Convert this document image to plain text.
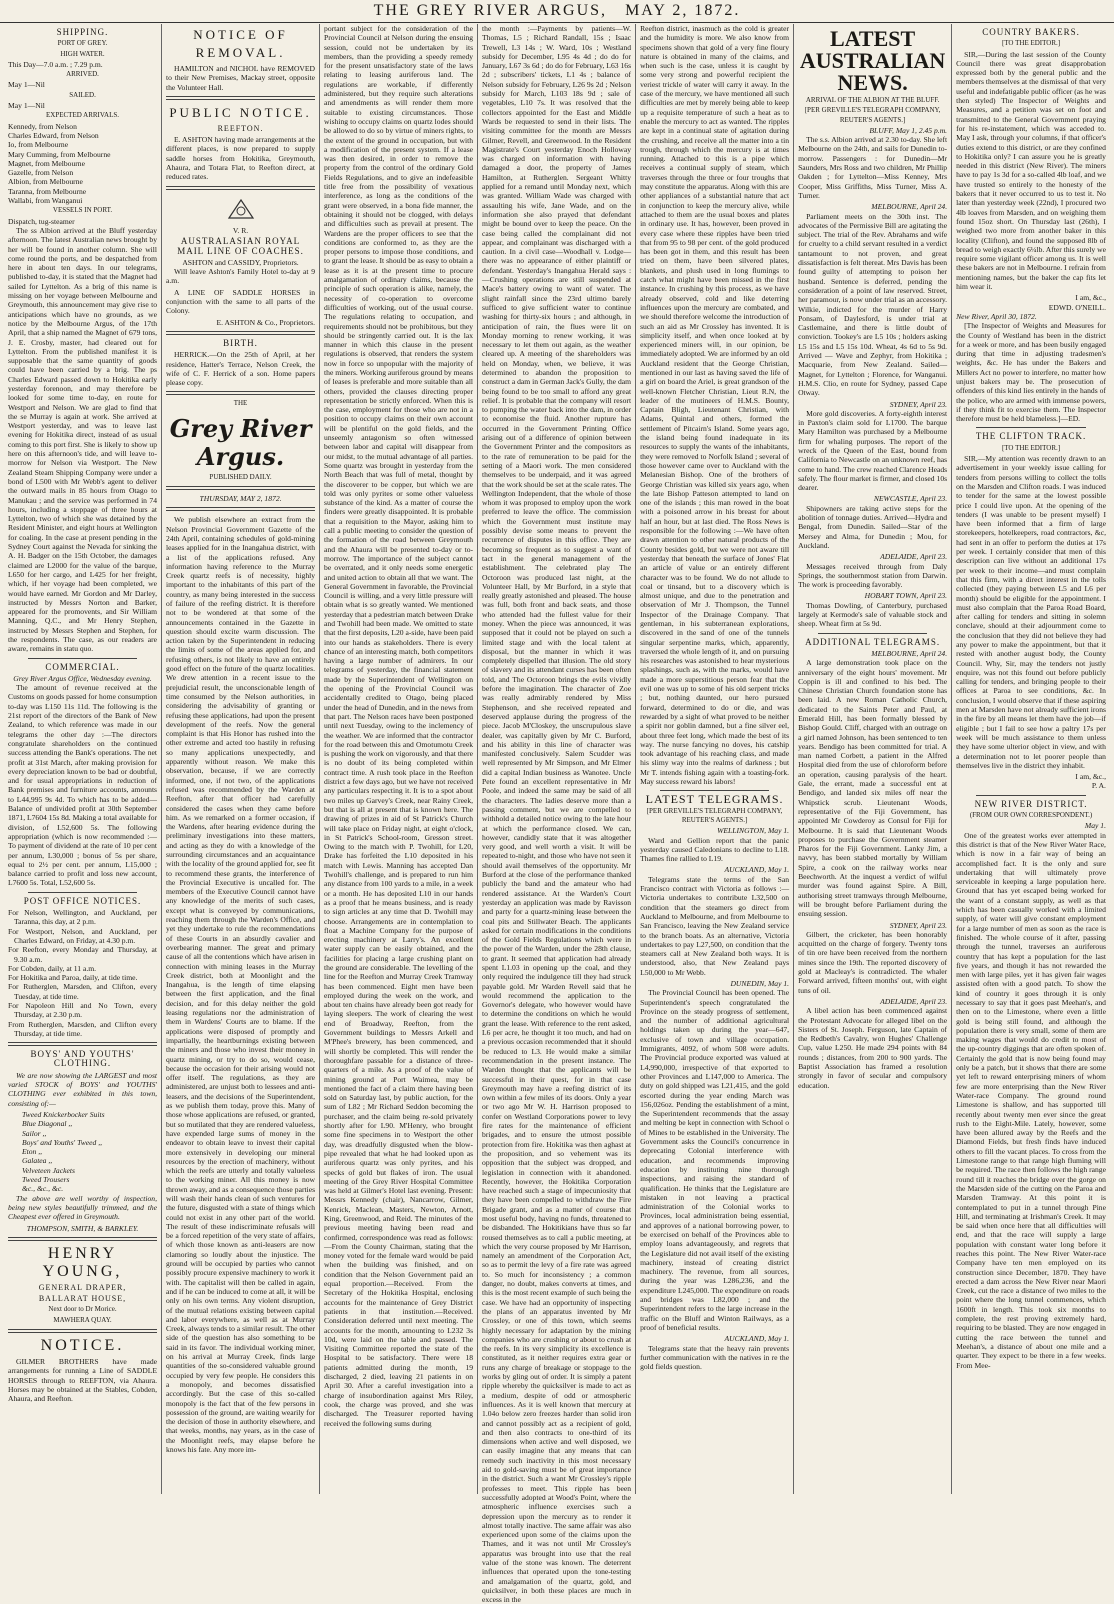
THE GREY RIVER ARGUS, MAY 2, 1872.
SHIPPING.
PORT OF GREY.
HIGH WATER.
This Day—7.0 a.m. ; 7.29 p.m.
ARRIVED.
May 1—Nil
SAILED.
May 1—Nil
EXPECTED ARRIVALS.
Kennedy, from Nelson
Charles Edward, from Nelson
Io, from Melbourne
Mary Cumming, from Melbourne
Magnet, from Melbourne
Gazelle, from Nelson
Albion, from Melbourne
Taranna, from Melbourne
Wallabi, from Wanganui
VESSELS IN PORT.
Dispatch, tug-steamer

The ss Albion arrived at the Bluff yesterday afternoon. The latest Australian news brought by her will be found in another column. She will come round the ports, and be despatched from here in about ten days. In our telegrams, published to-day, it is stated that the Magnet had sailed for Lyttelton. As a brig of this name is missing on her voyage between Melbourne and Greymouth, this announcement may give rise to anticipations which have no grounds, as we notice by the Melbourne Argus, of the 17th April, that a ship named the Magnet of 679 tons, J. E. Crosby, master, had cleared out for Lyttelton. From the published manifest it is supposable that the same quantity of goods could have been carried by a brig. The ps Charles Edward passed down to Hokitika early yesterday forenoon, and may therefore be looked for some time to-day, en route for Westport and Nelson. We are glad to find that the se Murray is again at work. She arrived at Westport yesterday, and was to leave last evening for Hokitika direct, instead of as usual coming to this port first. She is likely to show up here on this afternoon's tide, and will leave to-morrow for Nelson via Westport. The New Zealand Steam Shipping Company were under a bond of L500 with Mr Webb's agent to deliver the outward mails in 85 hours from Otago to Manukau ; and the service was performed in 74 hours, including a stoppage of three hours at Lyttelton, two of which she was detained by the Resident Minister, and eight hours at Wellington for coaling. In the case at present pending in the Sydney Court against the Nevada for sinking the A. H. Badger on the 15th October, the damages claimed are L2000 for the value of the barque, L650 for her cargo, and L425 for her freight, which, if her voyage had been completed, we would have earned. Mr Gordon and Mr Darley, instructed by Messrs Norton and Barker, appeared for the promovents, and Sir William Manning, Q.C., and Mr Henry Stephen, instructed by Messrs Stephen and Stephen, for the respondents. The case, as our readers are aware, remains in statu quo.

COMMERCIAL.
Grey River Argus Office, Wednesday evening.

The amount of revenue received at the Customs on goods passed for home consumption to-day was L150 11s 11d. The following is the 21st report of the directors of the Bank of New Zealand, to which reference was made in our telegrams the other day :—The directors congratulate shareholders on the continued success attending the Bank's operations. The net profit at 31st March, after making provision for every depreciation known to be bad or doubtful, and for usual appropriations in reduction of Bank premises and furniture accounts, amounts to L44,995 9s 4d. To which has to be added—Balance of undivided profit at 30th September 1871, L7604 15s 8d. Making a total available for division, of L52,600 5s. The following appropriation (which is now recommended :—To payment of dividend at the rate of 10 per cent per annum, L30,000 ; bonus of 5s per share, equal to 2½ per cent. per annum, L15,000 ; balance carried to profit and loss new account, L7600 5s. Total, L52,600 5s.

POST OFFICE NOTICES.
For Nelson, Wellington, and Auckland, per Taranna, this day, at 2 p.m.
For Westport, Nelson, and Auckland, per Charles Edward, on Friday, at 4.30 p.m.
For Reefton, every Monday and Thursday, at 9.30 a.m.
For Cobden, daily, at 11 a.m.
For Hokitika and Paroa, daily, at tide time.
For Rutherglen, Marsden, and Clifton, every Tuesday, at tide time.
For Napoleon Hill and No Town, every Thursday, at 2.30 p.m.
From Rutherglen, Marsden, and Clifton every Thursday, at tide time.
BOYS' AND YOUTHS' CLOTHING.

We are now showing the LARGEST and most varied STOCK of BOYS' and YOUTHS' CLOTHING ever exhibited in this town, consisting of:—

Tweed Knickerbocker Suits
Blue Diagonal ,,
Sailor ,,
Boys' and Youths' Tweed ,,
Eton ,,
Galatea ,,
Velveteen Jackets
Tweed Trousers
&c., &c., &c.

The above are well worthy of inspection, being new styles beautifully trimmed, and the Cheapest ever offered in Greymouth.

THOMPSON, SMITH, & BARKLEY.
HENRY YOUNG,
GENERAL DRAPER,
BALLARAT HOUSE,
Next door to Dr Morice.
MAWHERA QUAY.
NOTICE.

GILMER BROTHERS have made arrangements for running a Line of SADDLE HORSES through to REEFTON, via Ahaura. Horses may be obtained at the Stables, Cobden, Ahaura, and Reefton.

NOTICE OF REMOVAL.

HAMILTON and NICHOL have REMOVED to their New Premises, Mackay street, opposite the Volunteer Hall.

PUBLIC NOTICE.
REEFTON.

E. ASHTON having made arrangements at the different places, is now prepared to supply saddle horses from Hokitika, Greymouth, Ahaura, and Totara Flat, to Reefton direct, at reduced rates.

V. R.
AUSTRALASIAN ROYAL MAIL LINE OF COACHES.
ASHTON and CASSIDY, Proprietors.

Will leave Ashton's Family Hotel to-day at 9 a.m.

A LINE OF SADDLE HORSES in conjunction with the same to all parts of the Colony.

E. ASHTON & Co., Proprietors.
BIRTH.

HERRICK.—On the 25th of April, at her residence, Hatter's Terrace, Nelson Creek, the wife of C. F. Herrick of a son. Home papers please copy.

THE
Grey River Argus.
PUBLISHED DAILY.
THURSDAY, MAY 2, 1872.

We publish elsewhere an extract from the Nelson Provincial Government Gazette of the 24th April, containing schedules of gold-mining leases applied for in the Inangahua district, with a list of the applications refused. Any information having reference to the Murray Creek quartz reefs is of necessity, highly important to the inhabitants of this part of the country, as many being interested in the success of failure of the reefing district. It is therefore not to be wondered at that some of the announcements contained in the Gazette in question should excite warm discussion. The action taken by the Superintendent in reducing the limits of some of the areas applied for, and refusing others, is not likely to have an entirely good effect on the future of the quartz localities. We drew attention in a recent issue to the prejudicial result, the unconscionable length of time consumed by the Nelson authorities, in considering the advisability of granting or refusing these applications, had upon the present development of the reefs. Now the general complaint is that His Honor has rushed into the other extreme and acted too hastily in refusing so many applications unexpectedly, and apparently without reason. We make this observation, because, if we are correctly informed, one, if not two, of the applications refused was recommended by the Warden at Reefton, after that officer had carefully considered the cases when they came before him. As we remarked on a former occasion, if the Wardens, after hearing evidence during the preliminary investigations into these matters, and acting as they do with a knowledge of the surrounding circumstances and an acquaintance with the locality of the ground applied for, see fit to recommend these grants, the interference of the Provincial Executive is uncalled for. The members of the Executive Council cannot have any knowledge of the merits of such cases, except what is conveyed by communications, reaching them through the Warden's Office, and yet they undertake to rule the recommendations of these Courts in an absurdly cavalier and overbearing manner. The great and primary cause of all the contentions which have arisen in connection with mining leases in the Murray Creek district, both at Moonlight and the Inangahua, is the length of time elapsing between the first application, and the final decision, and for this delay neither the gold leasing regulations nor the administration of them in Wardens' Courts are to blame. If the applications were disposed of promptly and impartially, the heartburnings existing between the miners and those who invest their money in quartz mining, or try to do so, would cease, because the occasion for their arising would not offer itself. The regulations, as they are administered, are unjust both to lessees and anti-leasers, and the decisions of the Superintendent, as we publish them today, prove this. Many of those whose applications are refused, or granted, but so mutilated that they are rendered valueless, have expended large sums of money in the endeavor to obtain leave to invest their capital more extensively in developing our mineral resources by the erection of machinery, without which the reefs are utterly and totally valueless to the working miner. All this money is now thrown away, and as a consequence those parties will wash their hands clean of such ventures for the future, disgusted with a state of things which could not exist in any other part of the world. The result of these indiscriminate refusals will be a forced repetition of the very state of affairs, of which those known as anti-leasers are now clamoring so loudly about the injustice. The ground will be occupied by parties who cannot possibly procure expensive machinery to work it with. The capitalist will then be called in again, and if he can be induced to come at all, it will be only on his own terms. Any violent disruption, of the mutual relations existing between capital and labor everywhere, as well as at Murray Creek, always tends to a similar result. The other side of the question has also something to be said in its favor. The individual working miner, on his arrival at Murray Creek, finds large quantities of the so-considered valuable ground occupied by very few people. He considers this a monopoly, and becomes dissatisfied accordingly. But the case of this so-called monopoly is the fact that of the few persons in possession of the ground, are waiting wearily for the decision of those in authority elsewhere, and that weeks, months, nay years, as in the case of the Moonlight reefs, may elapse before he knows his fate. Any more im-

portant subject for the consideration of the Provincial Council at Nelson during the ensuing session, could not be undertaken by its members, than the providing a speedy remedy for the present unsatisfactory state of the laws relating to leasing auriferous land. The regulations are workable, if differently administered, but they require such alterations and amendments as will render them more suitable to existing circumstances. Those wishing to occupy claims on quartz lodes should be allowed to do so by virtue of miners rights, to the extent of the ground in occupation, but with a modification of the present system. If a lease was then desired, in order to remove the property from the control of the ordinary Gold Fields Regulations, and to give an indefeasible title free from the possibility of vexatious interference, as long as the conditions of the grant were observed, in a bona fide manner, the obtaining it should not be clogged, with delays and difficulties such as prevail at present. The Wardens are the proper officers to see that the conditions are conformed to, as they are the proper persons to impose those conditions, and to grant the lease. It should be as easy to obtain a lease as it is at the present time to procure amalgamation of ordinary claims, because the principle of such operation is alike, namely, the necessity of co-operation to overcome difficulties of working, out of the usual course. The regulations relating to occupation, and requirements should not be prohibitous, but they should be stringently carried out. It is the lax manner in which this clause in the present regulations is observed, that renders the system now in force so unpopular with the majority of the miners. Working auriferous ground by means of leases is preferable and more suitable than all others, provided the clauses directing proper representation be strictly enforced. When this is the case, employment for those who are not in a position to occupy claims on their own account will be plentiful on the gold fields, and the unseemly antagonism so often witnessed between labor and capital will disappear from our midst, to the mutual advantage of all parties. Some quartz was brought in yesterday from the North Beach that was full of metal, thought by the discoverer to be copper, but which we are told was only pyrites or some other valueless substance of the kind. As a matter of course the finders were greatly disappointed. It is probable that a requisition to the Mayor, asking him to call a public meeting to consider the question of the formation of the road between Greymouth and the Ahaura will be presented to-day or to-morrow. The importance of the subject cannot be overrated, and it only needs some energetic and united action to obtain all that we want. The General Government in favorable, the Provincial Council is willing, and a very little pressure will obtain what is so greatly wanted. We mentioned yesterday that a pedestrian match between Drake and Twohill had been made. We omitted to state that the first deposits, L20 a-side, have been paid into our hands as stakeholders. There is every chance of an interesting match, both competitors having a large number of admirers. In our telegrams of yesterday, the financial statement made by the Superintendent of Wellington on the opening of the Provincial Council was accidentally credited to Otago, being placed under the head of Dunedin, and in the news from that part. The Nelson races have been postponed until next Tuesday, owing to the inclemency of the weather. We are informed that the contractor for the road between this and Omotumotu Creek is pushing the work on vigorously, and that there is no doubt of its being completed within contract time. A rush took place in the Reefton district a few days ago, but we have not received any particulars respecting it. It is to a spot about two miles up Garvey's Creek, near Rainy Creek, but that is all at present that is known here. The drawing of prizes in aid of St Patrick's Church will take place on Friday night, at eight o'clock, in St Patrick's School-room, Gresson street. Owing to the match with P. Twohill, for L20, Drake has forfeited the L10 deposited in his match with Lewis. Manning has accepted Dan Twohill's challenge, and is prepared to run him any distance from 100 yards to a mile, in a week or a month. He has deposited L10 in our hands as a proof that he means business, and is ready to sign articles at any time that D. Twohill may choose. Arrangements are in contemplation to float a Machine Company for the purpose of erecting machinery at Larry's. An excellent water supply can be easily obtained, and the facilities for placing a large crushing plant on the ground are considerable. The levelling of the line for the Reefton and Murray Creek Tramway has been commenced. Eight men have been employed during the week on the work, and about ten chains have already been got ready for laying sleepers. The work of clearing the west end of Broadway, Reefton, from the Government buildings to Messrs Arkell and M'Phee's brewery, has been commenced, and will shortly be completed. This will render the thoroughfare passable for a distance of three-quarters of a mile. As a proof of the value of mining ground at Port Waimea, may be mentioned the fact of a claim there having been sold on Saturday last, by public auction, for the sum of L82 ; Mr Richard Seddon becoming the purchaser, and the claim being re-sold privately shortly after for L90. M'Henry, who brought some fine specimens in to Westport the other day, was dreadfully disgusted when the blow-pipe revealed that what he had looked upon as auriferous quartz was only pyrites, and his specks of gold but flakes of iron. The usual meeting of the Grey River Hospital Committee was held at Gilmer's Hotel last evening. Present: Messrs Kennedy (chair), Nancarrow, Gilmer, Kenrick, Maclean, Masters, Newton, Arnott, King, Greenwood, and Reid. The minutes of the previous meeting having been read and confirmed, correspondence was read as follows: —From the County Chairman, stating that the money voted for the female ward would be paid when the building was finished, and on condition that the Nelson Government paid an equal proportion.—Received. From the Secretary of the Hokitika Hospital, enclosing accounts for the maintenance of Grey District patients in that institution.—Received. Consideration deferred until next meeting. The accounts for the month, amounting to L232 3s 10d, were laid on the table and passed. The Visiting Committee reported the state of the Hospital to be satisfactory. There were 18 patients admitted during the month, 19 discharged, 2 died, leaving 21 patients in on April 30. After a careful investigation into a charge of insubordination against Mrs Riley, cook, the charge was proved, and she was discharged. The Treasurer reported having received the following sums during

the month :—Payments by patients—W. Thomas, L5 ; Richard Randall, 15s ; Isaac Trewell, L3 14s ; W. Ward, 10s ; Westland subsidy for December, L95 4s 4d ; do do for January, L67 3s 6d ; do do for February, L63 16s 2d ; subscribers' tickets, L1 4s ; balance of Nelson subsidy for February, L26 9s 2d ; Nelson subsidy for March, L103 18s 9d ; sale of vegetables, L10 7s. It was resolved that the collectors appointed for the East and Middle Wards be requested to send in their lists. The visiting committee for the month are Messrs Gilmer, Revell, and Greenwood. In the Resident Magistrate's Court yesterday Enoch Holloway was charged on information with having damaged a door, the property of James Hamilton, at Rutherglen. Sergeant Whitty applied for a remand until Monday next, which was granted. William Wade was charged with assaulting his wife, Jane Wade, and on the information she also prayed that defendant might be bound over to keep the peace. On the case being called the complainant did not appear, and complainant was discharged with a caution. In a civil case—Woodhall v. Lodge—there was no appearance of either plaintiff or defendant. Yesterday's Inangahua Herald says :—Crushing operations are still suspended at Mace's battery owing to want of water. The slight rainfall since the 23rd ultimo barely sufficed to give sufficient water to continue washing for thirty-six hours ; and although, in anticipation of rain, the flues were lit on Monday morning to renew working, it was necessary to let them out again, as the weather cleared up. A meeting of the shareholders was held on Monday, when, we believe, it was determined to abandon the proposition to construct a dam in German Jack's Gully, the dam being found to be too small to afford any great relief. It is probable that the company will resort to pumping the water back into the dam, in order to economise the fluid. Another rupture has occurred in the Government Printing Office arising out of a difference of opinion between the Government Printer and the compositors as to the rate of remuneration to be paid for the setting of a Maori work. The men considered themselves to be underpaid, and it was agreed that the work should be set at the scale rates. The Wellington Independent, that the whole of those whom it was proposed to employ upon the work preferred to leave the office. The commission which the Government must institute may possibly devise some means to prevent the recurrence of disputes in this office. They are becoming so frequent as to suggest a want of tact in the general management of the establishment. The celebrated play The Octoroon was produced last night, at the Volunteer Hall, by Mr Burford, in a style that really greatly astonished and pleased. The house was full, both front and back seats, and those who attended had the fullest value for their money. When the piece was announced, it was supposed that it could not be played on such a limited stage and with the local talent at disposal, but the manner in which it was completely dispelled that illusion. The old story of slavery and its attendant curses has been often told, and The Octoroon brings the evils vividly before the imagination. The character of Zoe was really admirably rendered by Miss Stephenson, and she received repeated and deserved applause during the progress of the piece. Jacob M'Closkey, the unscrupulous slave dealer, was capitally given by Mr C. Burford, and his ability in this line of character was manifested conclusively. Salem Scudder was well represented by Mr Simpson, and Mr Elmer did a capital Indian business as Wanotee. Uncle Pete found an excellent representative in Mr Poole, and indeed the same may be said of all the characters. The ladies deserve more than a passing comment, but we are compelled to withhold a detailed notice owing to the late hour at which the performance closed. We can, however, candidly state that it was altogether very good, and well worth a visit. It will be repeated to-night, and those who have not seen it should avail themselves of the opportunity. Mr Burford at the close of the performance thanked publicly the band and the amateur who had rendered assistance. At the Warden's Court yesterday an application was made by Ravisson and party for a quartz-mining lease between the coal pits and Stillwater Beach. The applicants asked for certain modifications in the conditions of the Gold Fields Regulations which were in the power of the Warden, under the 28th clause, to grant. It seemed that application had already spent L1.03 in opening up the coal, and they only required the indulgence till they had struck payable gold. Mr Warden Revell said that he would recommend the application to the Governor's delegate, who however would have to determine the conditions on which he would grant the lease. With reference to the rent asked, L6 per acre, he thought it too much, and had on a previous occasion recommended that it should be reduced to L3. He would make a similar recommendation in the present instance. The Warden thought that the applicants will be successful in their quest, for in that case Greymouth may have a reefing district of its own within a few miles of its doors. Only a year or two ago Mr W. H. Harrison proposed to confer on Westland Corporations power to levy fire rates for the maintenance of efficient brigades, and to ensure the utmost possible protection from fire. Hokitika was then aghast at the proposition, and so vehement was its opposition that the subject was dropped, and legislation in connection with it abandoned. Recently, however, the Hokitika Corporation have reached such a stage of impecuniosity that they have been compelled to withdraw the Fire Brigade grant, and as a matter of course that most useful body, having no funds, threatened to be disbanded. The Hokitikians have thus so far roused themselves as to call a public meeting, at which the very course proposed by Mr Harrison, namely an amendment of the Corporation Act, so as to permit the levy of a fire rate was agreed to. So much for inconsistency ; a common danger, no doubt, makes converts at times, and this is the most recent example of such being the case. We have had an opportunity of inspecting the plans of an apparatus invented by Mr Crossley, or one of this town, which seems highly necessary for adaptation by the mining companies who are crushing or about to crush at the reefs. In its very simplicity its excellence is constituted, as it neither requires extra gear or runs any charge of breakage or stoppage to the works by gling out of order. It is simply a patent ripple whereby the quicksilver is made to act as a medium, despite of odd or atmospheric influences. As it is well known that mercury at 1.04o below zero freezes harder than solid iron and cannot possibly act as a recipient of gold, and then also contracts to one-third of its dimensions when active and well disposed, we can easily imagine that any means that can remedy such inactivity in this most necessary aid to gold-saving must be of great importance in the district. Such a want Mr Crossley's ripple professes to meet. This ripple has been successfully adopted at Wood's Point, where the atmospheric influence exercises such a depression upon the mercury as to render it almost totally inactive. The same affair was also experienced upon some of the claims upon the Thames, and it was not until Mr Crossley's apparatus was brought into use that the real value of the stone was known. The deterrent influences that operated upon the tone-testing and amalgamation of the quartz, gold, and quicksilver, in both these places are much in excess in the

Reefton district, inasmuch as the cold is greater and the humidity is more. We also know from specimens shown that gold of a very fine floury nature is obtained in many of the claims, and when such is the case, unless it is caught by some very strong and powerful recipient the veriest trickle of water will carry it away. In the case of the mercury, we have mentioned all such difficulties are met by merely being able to keep up a requisite temperature of such a heat as to enable the mercury to act as wanted. The ripples are kept in a continual state of agitation during the crushing, and receive all the matter into a tin trough, through which the mercury is at times running. Attached to this is a pipe which receives a continual supply of steam, which traverses through the three or four troughs that may constitute the apparatus. Along with this are other appliances of a substantial nature that act in conjunction to keep the mercury alive, while attached to them are the usual boxes and plates in ordinary use. It has, however, been proved in every case where these ripples have been tried that from 95 to 98 per cent. of the gold produced has been got in them, and this result has been tried on them, have been silvered plates, blankets, and plush used in long flumings to catch what might have been missed in the first instance. In crushing by this process, as we have already observed, cold and like deterring influences upon the mercury are combated, and we should therefore welcome the introduction of such an aid as Mr Crossley has invented. It is simplicity itself, and when once looked at by experienced miners will, in our opinion, be immediately adopted. We are informed by an old Auckland resident that the George Christian, mentioned in our last as having saved the life of a girl on board the Ariel, is great grandson of the well-known Fletcher Christian, Lieut R.N, the leader of the mutineers of H.M.S. Bounty, Captain Bligh, Lieutenant Christian, with Adams, Quintal and others, formed the settlement of Pitcairn's Island. Some years ago, the island being found inadequate in its resources to supply the wants of the inhabitants, they were removed to Norfolk Island ; several of those however came over to Auckland with the Melanesian Bishop. One of the brothers of George Christian was killed six years ago, when the late Bishop Patteson attempted to land on one of the islands ; this man rowed in the boat with a poisoned arrow in his breast for about half an hour, but at last died. The Ross News is responsible for the following :—We have often drawn attention to other natural products of the County besides gold, but we were not aware till yesterday that beneath the surface of Jones' Flat an article of value or an entirely different character was to be found. We do not allude to coal or tinsand, but to a discovery which is almost unique, and due to the penetration and observation of Mr J. Thompson, the Tunnel Inspector of the Drainage Company. That gentleman, in his subterranean explorations, discovered in the sand of one of the tunnels singular serpentine marks, which, apparently, traversed the whole length of it, and on pursuing his researches was astonished to hear mysterious splashings, such as, with the marks, would have made a more superstitious person fear that the evil one was up to some of his old serpent tricks ; but, nothing daunted, our hero pursued forward, determined to do or die, and was rewarded by a sight of what proved to be neither a spirit nor goblin damned, but a fine silver eel, about three feet long, which made the best of its way. The nurse fancying no doves, his catship took advantage of his reaching class, and made his slimy way into the realms of darkness ; but Mr T. intends fishing again with a toasting-fork. May success reward his labors!

LATEST TELEGRAMS.
[PER GREVILLE'S TELEGRAPH COMPANY, REUTER'S AGENTS.]
WELLINGTON, May 1.

Ward and Gellion report that the panic yesterday caused Caledonians to decline to L18. Thames fine rallied to L19.

AUCKLAND, May 1.

Telegrams state the terms of the San Francisco contract with Victoria as follows :—Victoria undertakes to contribute L32,500 on condition that the steamers go direct from Auckland to Melbourne, and from Melbourne to San Francisco, leaving the New Zealand service to the branch boats. As an alternative, Victoria undertakes to pay L27,500, on condition that the steamers call at New Zealand both ways. It is understood, also, that New Zealand pays L50,000 to Mr Webb.

DUNEDIN, May 1.

The Provincial Council has been opened. The Superintendent's speech congratulated the Province on the steady progress of settlement, and the number of additional agricultural holdings taken up during the year—647, exclusive of town and village occupation. Immigrants, 4092, of whom 508 were adults. The Provincial produce exported was valued at L4,990,000, irrespective of that exported to other Provinces and L147,000 to America. The duty on gold shipped was L21,415, and the gold escorted during the year ending March was 156,026oz. Pending the establishment of a mint, the Superintendent recommends that the assay and melting be kept in connection with School o of Mines to be established in the University. The Government asks the Council's concurrence in deprecating Colonial interference with education, and recommends improving education by instituting nine thorough inspections, and raising the standard of qualification. He thinks that the Legislature are mistaken in not leaving a practical administration of the Colonial works to Provinces, local administration being essential, and approves of a national borrowing power, to be exercised on behalf of the Provinces able to employ loans advantageously, and regrets that the Legislature did not avail itself of the existing machinery, instead of creating district machinery. The revenue, from all sources, during the year was L286,236, and the expenditure L245,000. The expenditure on roads and bridges was L82,000 ; and the Superintendent refers to the large increase in the traffic on the Bluff and Winton Railways, as a proof of beneficial results.

AUCKLAND, May 1.

Telegrams state that the heavy rain prevents further communication with the natives in re the gold fields question.

LATEST AUSTRALIAN NEWS.
ARRIVAL OF THE ALBION AT THE BLUFF.
[PER GREVILLE'S TELEGRAPH COMPANY, REUTER'S AGENTS.]
BLUFF, May 1, 2.45 p.m.

The s.s. Albion arrived at 2.30 to-day. She left Melbourne on the 24th, and sails for Dunedin to-morrow. Passengers : for Dunedin—Mr Saunders, Mrs Ross and two children, Mr Phillip Oakden ; for Lyttelton—Miss Kenney, Mrs Cooper, Miss Griffiths, Miss Turner, Miss A. Turner.

MELBOURNE, April 24.

Parliament meets on the 30th inst. The advocates of the Permissive Bill are agitating the subject. The trial of the Rev. Abrahams and wife for cruelty to a child servant resulted in a verdict tantamount to not proven, and great dissatisfaction is felt thereat. Mrs Davis has been found guilty of attempting to poison her husband. Sentence is deferred, pending the consideration of a point of law reserved. Street, her paramour, is now under trial as an accessory. Wilkie, indicted for the murder of Harry Ponsam, of Daylesford, is under trial at Castlemaine, and there is little doubt of conviction. Tookey's are L5 10s ; holders asking L5 15s and L5 15s 10d. Wheat, 4s 6d to 5s 9d. Arrived — Wave and Zephyr, from Hokitika ; Macquarie, from New Zealand. Sailed—Magnet, for Lyttelton ; Florence, for Wanganui. H.M.S. Clio, en route for Sydney, passed Cape Otway.

SYDNEY, April 23.

More gold discoveries. A forty-eighth interest in Paxton's claim sold for L1700. The barque Mary Hamilton was purchased by a Melbourne firm for whaling purposes. The report of the wreck of the Queen of the East, bound from California to Newcastle on an unknown reef, has come to hand. The crew reached Clarence Heads safely. The flour market is firmer, and closed 10s dearer.

NEWCASTLE, April 23.

Shipowners are taking active steps for the abolition of tonnage duties. Arrived—Hydra and Bengal, from Dunedin. Sailed—Star of the Mersey and Alma, for Dunedin ; Mou, for Auckland.

ADELAIDE, April 23.

Messages received through from Daly Springs, the southernmost station from Darwin. The work is proceeding favorably.

HOBART TOWN, April 23.

Thomas Dowling, of Canterbury, purchased largely at Kermode's sale of valuable stock and sheep. Wheat firm at 5s 9d.

ADDITIONAL TELEGRAMS.
MELBOURNE, April 24.

A large demonstration took place on the anniversary of the eight hours' movement. Mr Coppin is ill and confined to his bed. The Chinese Christian Church foundation stone has been laid. A new Roman Catholic Church, dedicated to the Saints Peter and Paul, at Emerald Hill, has been formally blessed by Bishop Gould. Cliff, charged with an outrage on a girl named Johnson, has been sentenced to ten years. Bendigo has been committed for trial. A man named Corbett, a patient in the Alfred Hospital died from the use of chloroform before an operation, causing paralysis of the heart. Gale, the errant, made a successful ent at Bendigo, and landed six miles off near the Whipstick scrub. Lieutenant Woods, representative of the Fiji Government, has appointed Mr Cowderoy as Consul for Fiji for Melbourne. It is said that Lieutenant Woods proposes to purchase the Government steamer Pharos for the Fiji Government. Lanky Jim, a navvy, has been stabbed mortally by William Spire, a cook on the railway works near Beechworth. At the inquest a verdict of wilful murder was found against Spire. A Bill, authorising street tramways through Melbourne, will be brought before Parliament during the ensuing session.

SYDNEY, April 23.

Gilbert, the cricketer, has been honorably acquitted on the charge of forgery. Twenty tons of tin ore have been received from the northern mines since the 19th. The reported discovery of gold at Macleay's is contradicted. The whaler Forward arrived, fifteen months' out, with eight tuns of oil.

ADELAIDE, April 23.

A libel action has been commenced against the Protestant Advocate for alleged libel on the Sisters of St. Joseph. Ferguson, late Captain of the Redbeth's Cavalry, won Hughes' Challenge Cup, value L250. He made 294 points with 84 rounds ; distances, from 200 to 900 yards. The Baptist Association has framed a resolution strongly in favor of secular and compulsory education.

COUNTRY BAKERS.
[TO THE EDITOR.]

SIR,—During the last session of the County Council there was great disapprobation expressed both by the general public and the members themselves at the dismissal of that very useful and indefatigable public officer (as he was then styled) The Inspector of Weights and Measures, and a petition was set on foot and transmitted to the General Government praying for his re-instatement, which was acceded to. May I ask, through your columns, if that officer's duties extend to this district, or are they confined to Hokitika only? I can assure you he is greatly needed in this district (New River). The miners have to pay 1s 3d for a so-called 4lb loaf, and we have trusted so entirely to the honesty of the bakers that it never occurred to us to test it. No later than yesterday week (22nd), I procured two 4lb loaves from Marsden, and on weighing them found 15oz short. On Thursday last (26th), I weighed two more from another baker in this locality (Clifton), and found the supposed 8lb of bread to weigh exactly 6¼lb. After this surely we require some vigilant officer among us. It is well these bakers are not in Melbourne. I refrain from mentioning names, but the baker the cap fits let him wear it.

I am, &c.,
EDWD. O'NEILL.
New River, April 30, 1872.

[The Inspector of Weights and Measures for the County of Westland has been in the district for a week or more, and has been busily engaged during that time in adjusting tradesmen's weights, &c. He has under the Bakers and Millers Act no power to interfere, no matter how unjust bakers may be. The prosecution of offenders of this kind lies entirely in the hands of the police, who are armed with immense powers, if they think fit to exercise them. The Inspector therefore must be held blameless.]—ED.

THE CLIFTON TRACK.
[TO THE EDITOR.]

SIR,—My attention was recently drawn to an advertisement in your weekly issue calling for tenders from persons willing to collect the tolls on the Marsden and Clifton roads. I was induced to tender for the same at the lowest possible price I could live upon. At the opening of the tenders (I was unable to be present myself) I have been informed that a firm of large storekeepers, hotelkeepers, road contractors, &c, had sent in an offer to perform the duties at 17s per week. I certainly consider that men of this description can live without an additional 17s per week to their income—and must complain that this firm, with a direct interest in the tolls collected (they paying between L5 and L6 per month) should be eligible for the appointment. I must also complain that the Paroa Road Board, after calling for tenders and sitting in solemn conclave, should at their adjournment come to the conclusion that they did not believe they had any power to make the appointment, but that it rested with another august body, the County Council. Why, Sir, may the tenders not justly enquire, was not this found out before publicly calling for tenders, and bringing people to their offices at Paroa to see conditions, &c. In conclusion, I would observe that if these aspiring men at Marsden have not already sufficient irons in the fire by all means let them have the job—if eligible ; but I fail to see how a paltry 17s per week will be much assistance to them unless they have some ulterior object in view, and with a determination not to let poorer people than themselves live in the district they inhabit.

I am, &c.,
P. A.
NEW RIVER DISTRICT.
(FROM OUR OWN CORRESPONDENT.)
May 1.

One of the greatest works ever attempted in this district is that of the New River Water Race, which is now in a fair way of being an accomplished fact. It is the only and sure undertaking that will ultimately prove serviceable in keeping a large population here. Ground that has yet escaped being worked for the want of a constant supply, as well as that which has been casually worked with a limited supply, of water will give constant employment for a large number of men as soon as the race is finished. The whole course of it after, passing through the tunnel, traverses an auriferous country that has kept a population for the last five years, and though it has not rewarded the men with large piles, yet it has given fair wages assisted often with a good patch. To show the kind of country it goes through it is only necessary to say that it goes past Meehan's, and then on to the Limestone, where even a little gold is being still found, and although the population there is very small, some of them are making wages that would do credit to most of the up-country diggings that are often spoken of. Certainly the gold that is now being found may only be a patch, but it shows that there are some yet left to reward enterprising miners of whom few are more enterprising than the New River Water-race Company. The ground round Limestone is shallow, and has supported till recently about twenty men ever since the great rush to the Eight-Mile. Lately, however, some have been allured away by the Reefs and the Diamond Fields, but fresh finds have induced others to fill the vacant places. To cross from the Limestone range to that range high fluming will be required. The race then follows the high range round till it reaches the bridge over the gorge on the Marsden side of the cutting on the Paroa and Marsden Tramway. At this point it is contemplated to put in a tunnel through Pine Hill, and terminating at Irishman's Creek. It may be said when once here that all difficulties will end, and that the race will supply a large population with constant water long before it reaches this point. The New River Water-race Company have ten men employed on its construction since December, 1870. They have erected a dam across the New River near Maori Creek, cut the race a distance of two miles to the point where the long tunnel commences, which 1600ft in length. This took six months to complete, the rest proving extremely hard, requiring to be blasted. They are now engaged in cutting the race between the tunnel and Meehan's, a distance of about one mile and a quarter. They expect to be there in a few weeks. From Mee-
